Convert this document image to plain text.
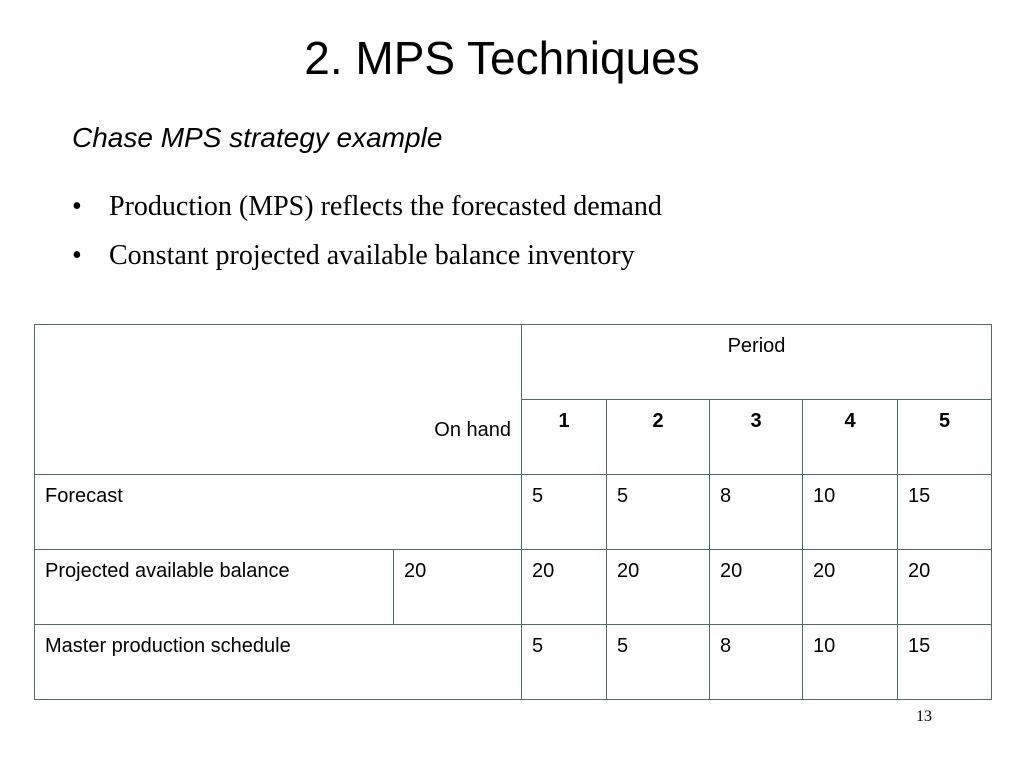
2. MPS Techniques
Chase MPS strategy example
• Production (MPS) reflects the forecasted demand
• Constant projected available balance inventory
On hand		Period				
		1	2	3	4	5
Forecast		5	5	8	10	15
Projected available balance	20	20	20	20	20	20
Master production schedule		5	5	8	10	15
13
